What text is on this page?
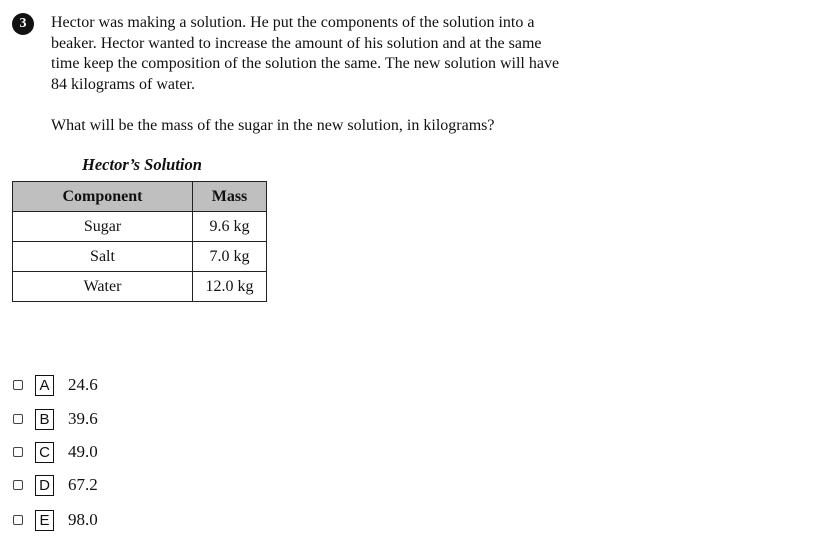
3	Hector was making a solution. He put the components of the solution into a
beaker. Hector wanted to increase the amount of his solution and at the same
time keep the composition of the solution the same. The new solution will have
84 kilograms of water.
What will be the mass of the sugar in the new solution, in kilograms?
Hector’s Solution
Component	Mass
Sugar	9.6 kg
Salt	7.0 kg
Water	12.0 kg
A 24.6
B 39.6
C 49.0
D 67.2
E 98.0
